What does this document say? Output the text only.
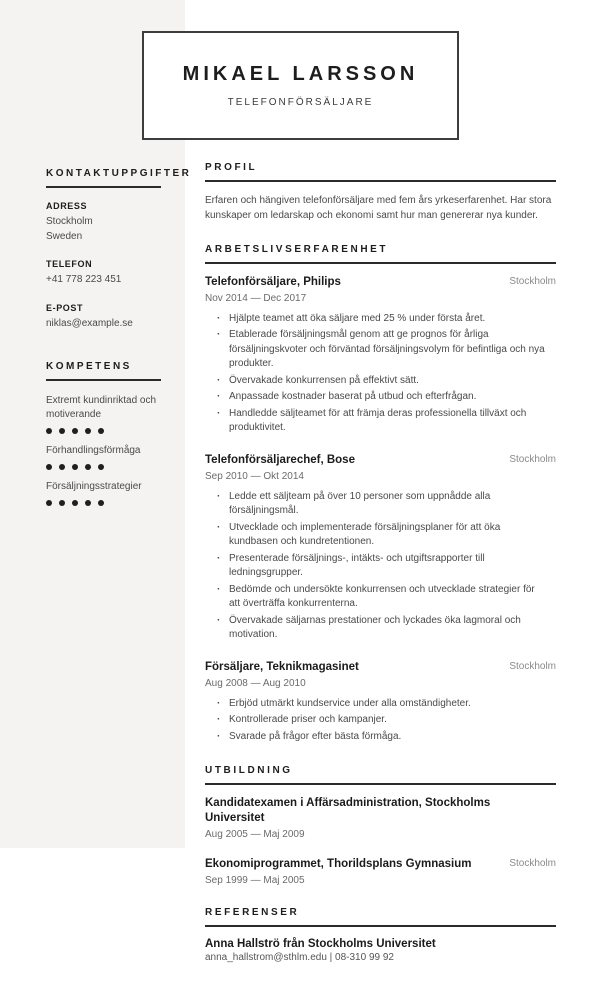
KONTAKTUPPGIFTER
ADRESS
Stockholm
Sweden
TELEFON
+41 778 223 451
E-POST
niklas@example.se
KOMPETENS
Extremt kundinriktad och motiverande
Förhandlingsförmåga
Försäljningsstrategier
MIKAEL LARSSON
TELEFONFÖRSÄLJARE
PROFIL

Erfaren och hängiven telefonförsäljare med fem års yrkeserfarenhet. Har stora kunskaper om ledarskap och ekonomi samt hur man genererar nya kunder.

ARBETSLIVSERFARENHET
Telefonförsäljare, Philips	Stockholm
Nov 2014 — Dec 2017
· Hjälpte teamet att öka säljare med 25 % under första året.
· Etablerade försäljningsmål genom att ge prognos för årliga försäljningskvoter och förväntad försäljningsvolym för befintliga och nya produkter.
· Övervakade konkurrensen på effektivt sätt.
· Anpassade kostnader baserat på utbud och efterfrågan.
· Handledde säljteamet för att främja deras professionella tillväxt och produktivitet.
Telefonförsäljarechef, Bose	Stockholm
Sep 2010 — Okt 2014
· Ledde ett säljteam på över 10 personer som uppnådde alla försäljningsmål.
· Utvecklade och implementerade försäljningsplaner för att öka kundbasen och kundretentionen.
· Presenterade försäljnings-, intäkts- och utgiftsrapporter till ledningsgrupper.
· Bedömde och undersökte konkurrensen och utvecklade strategier för att överträffa konkurrenterna.
· Övervakade säljarnas prestationer och lyckades öka lagmoral och motivation.
Försäljare, Teknikmagasinet	Stockholm
Aug 2008 — Aug 2010
· Erbjöd utmärkt kundservice under alla omständigheter.
· Kontrollerade priser och kampanjer.
· Svarade på frågor efter bästa förmåga.
UTBILDNING
Kandidatexamen i Affärsadministration, Stockholms Universitet
Aug 2005 — Maj 2009
Ekonomiprogrammet, Thorildsplans Gymnasium	Stockholm
Sep 1999 — Maj 2005
REFERENSER
Anna Hallströ från Stockholms Universitet
anna_hallstrom@sthlm.edu | 08-310 99 92
